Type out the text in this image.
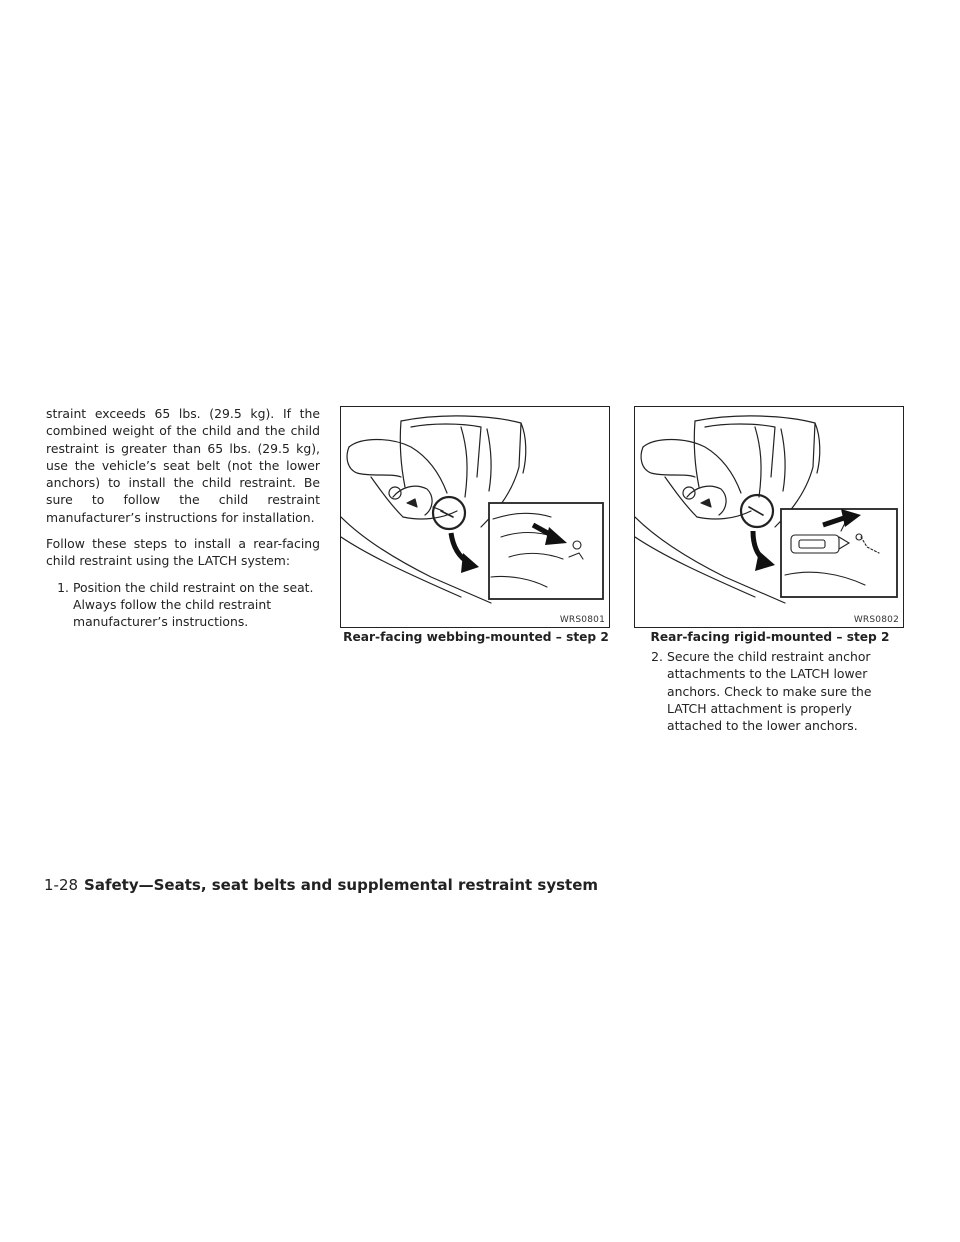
straint exceeds 65 lbs. (29.5 kg). If the combined weight of the child and the child restraint is greater than 65 lbs. (29.5 kg), use the vehicle’s seat belt (not the lower anchors) to install the child restraint. Be sure to follow the child restraint manufacturer’s instructions for installation.

Follow these steps to install a rear-facing child restraint using the LATCH system:

1. Position the child restraint on the seat. Always follow the child restraint manufacturer’s instructions.	WRS0801
Rear-facing webbing-mounted – step 2
WRS0802
Rear-facing rigid-mounted – step 2
2. Secure the child restraint anchor attachments to the LATCH lower anchors. Check to make sure the LATCH attachment is properly attached to the lower anchors.
1-28 Safety—Seats, seat belts and supplemental restraint system
